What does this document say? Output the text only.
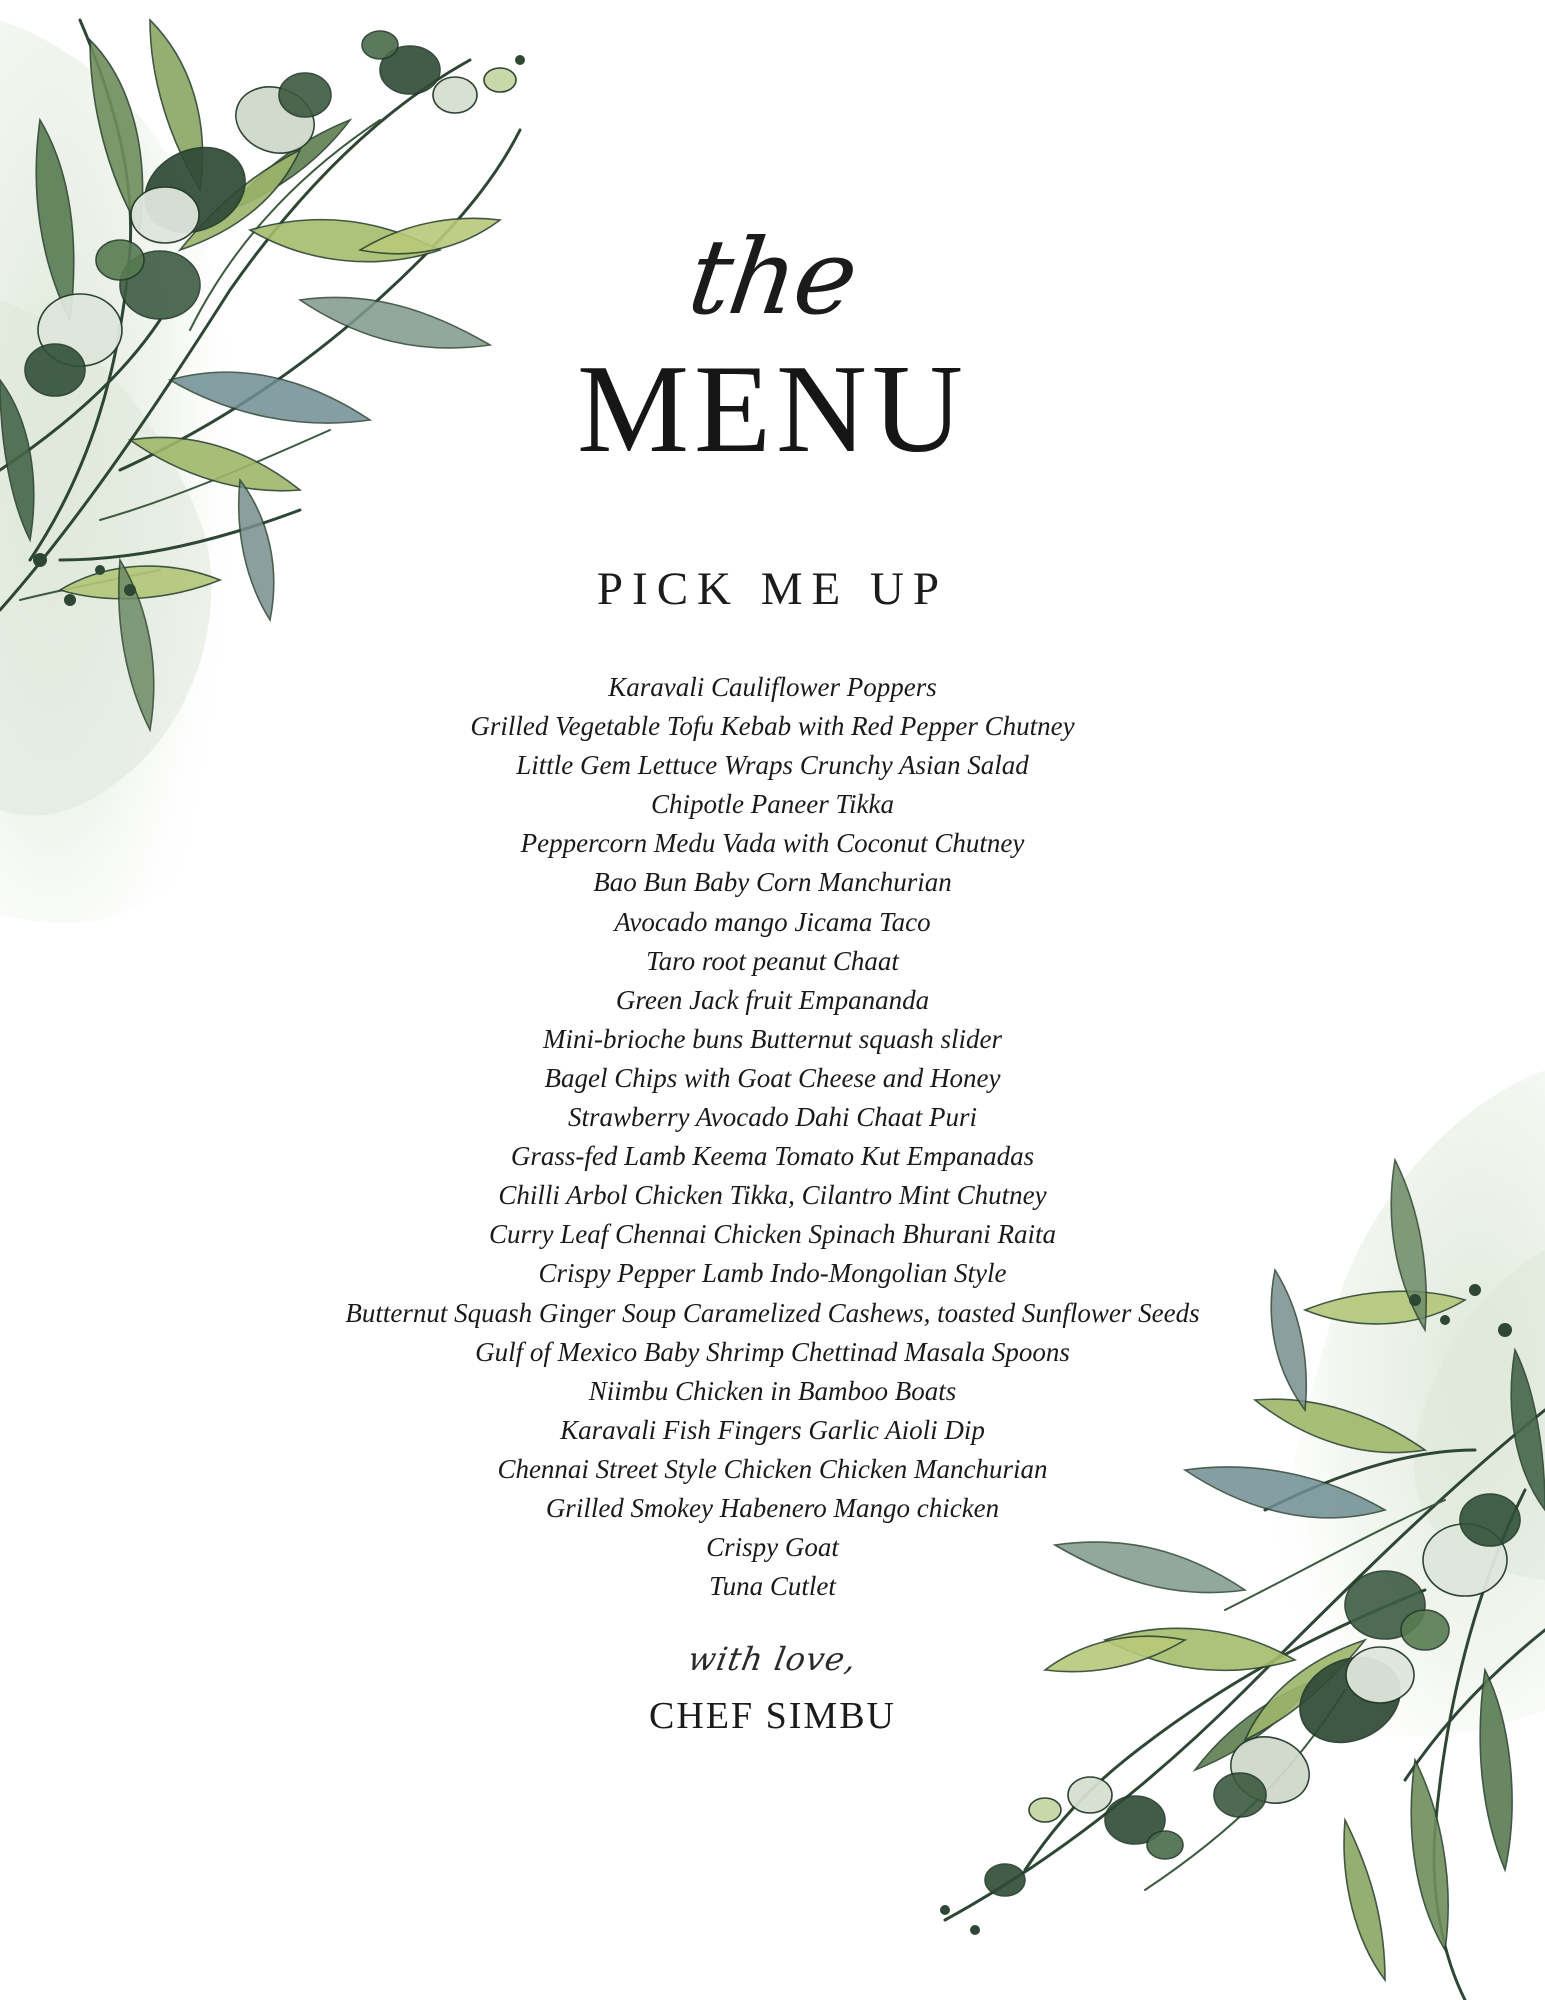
the
MENU
PICK ME UP
Karavali Cauliflower Poppers
Grilled Vegetable Tofu Kebab with Red Pepper Chutney
Little Gem Lettuce Wraps Crunchy Asian Salad
Chipotle Paneer Tikka
Peppercorn Medu Vada with Coconut Chutney
Bao Bun Baby Corn Manchurian
Avocado mango Jicama Taco
Taro root peanut Chaat
Green Jack fruit Empananda
Mini-brioche buns Butternut squash slider
Bagel Chips with Goat Cheese and Honey
Strawberry Avocado Dahi Chaat Puri
Grass-fed Lamb Keema Tomato Kut Empanadas
Chilli Arbol Chicken Tikka, Cilantro Mint Chutney
Curry Leaf Chennai Chicken Spinach Bhurani Raita
Crispy Pepper Lamb Indo-Mongolian Style
Butternut Squash Ginger Soup Caramelized Cashews, toasted Sunflower Seeds
Gulf of Mexico Baby Shrimp Chettinad Masala Spoons
Niimbu Chicken in Bamboo Boats
Karavali Fish Fingers Garlic Aioli Dip
Chennai Street Style Chicken Chicken Manchurian
Grilled Smokey Habenero Mango chicken
Crispy Goat
Tuna Cutlet
with love,
CHEF SIMBU
